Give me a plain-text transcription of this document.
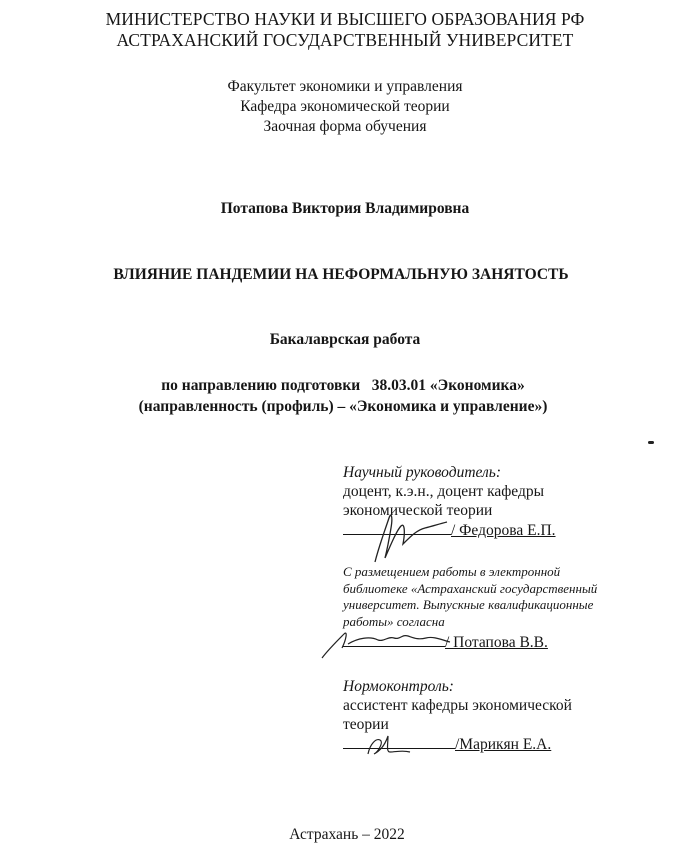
МИНИСТЕРСТВО НАУКИ И ВЫСШЕГО ОБРАЗОВАНИЯ РФ
АСТРАХАНСКИЙ ГОСУДАРСТВЕННЫЙ УНИВЕРСИТЕТ
Факультет экономики и управления
Кафедра экономической теории
Заочная форма обучения
Потапова Виктория Владимировна
ВЛИЯНИЕ ПАНДЕМИИ НА НЕФОРМАЛЬНУЮ ЗАНЯТОСТЬ
Бакалаврская работа
по направлению подготовки   38.03.01 «Экономика»
(направленность (профиль) – «Экономика и управление»)
Научный руководитель:
доцент, к.э.н., доцент кафедры
экономической теории
/ Федорова Е.П.
С размещением работы в электронной
библиотеке «Астраханский государственный
университет. Выпускные квалификационные
работы» согласна
/ Потапова В.В.
Нормоконтроль:
ассистент кафедры экономической
теории
/Марикян Е.А.
Астрахань – 2022
